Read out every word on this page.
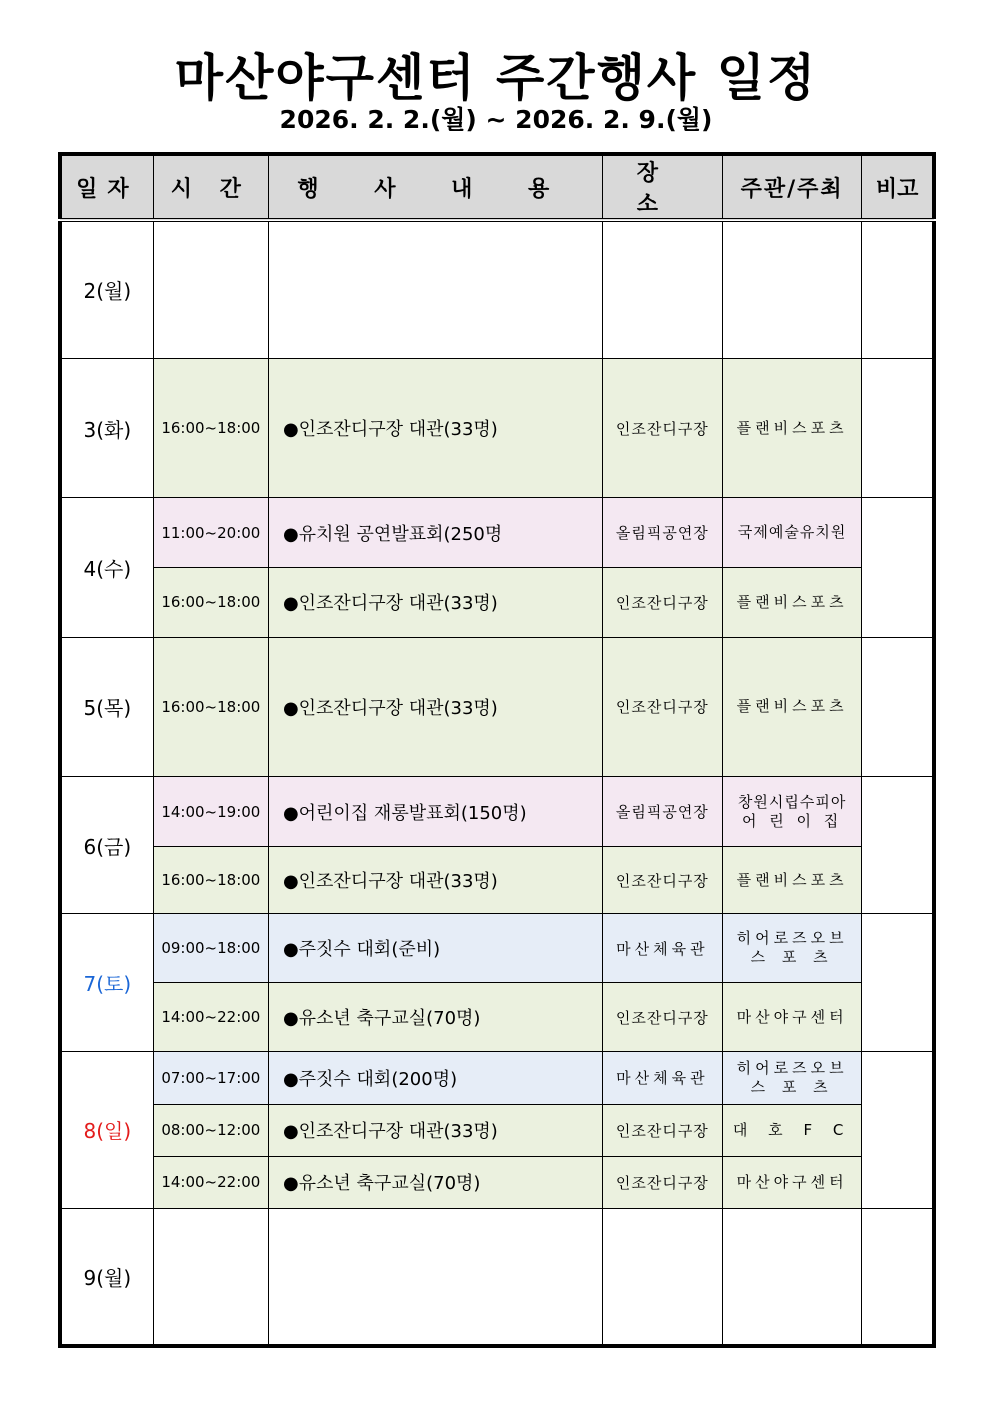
마산야구센터 주간행사 일정
2026. 2. 2.(월) ~ 2026. 2. 9.(월)
일자	시 간	행 사 내 용	장 소	주관/주최	비고
2(월)					
3(화)	16:00~18:00	●인조잔디구장 대관(33명)	인조잔디구장	플랜비스포츠	
4(수)	11:00~20:00	●유치원 공연발표회(250명	올림픽공연장	국제예술유치원	
	16:00~18:00	●인조잔디구장 대관(33명)	인조잔디구장	플랜비스포츠	
5(목)	16:00~18:00	●인조잔디구장 대관(33명)	인조잔디구장	플랜비스포츠	
6(금)	14:00~19:00	●어린이집 재롱발표회(150명)	올림픽공연장	창원시립수피아
어 린 이 집	

	16:00~18:00	●인조잔디구장 대관(33명)	인조잔디구장	플랜비스포츠	
7(토)	09:00~18:00	●주짓수 대회(준비)	마산체육관	히어로즈오브
스 포 츠	

	14:00~22:00	●유소년 축구교실(70명)	인조잔디구장	마산야구센터	
8(일)	07:00~17:00	●주짓수 대회(200명)	마산체육관	히어로즈오브
스 포 츠	

	08:00~12:00	●인조잔디구장 대관(33명)	인조잔디구장	대 호 F C	
	14:00~22:00	●유소년 축구교실(70명)	인조잔디구장	마산야구센터	
9(월)					
